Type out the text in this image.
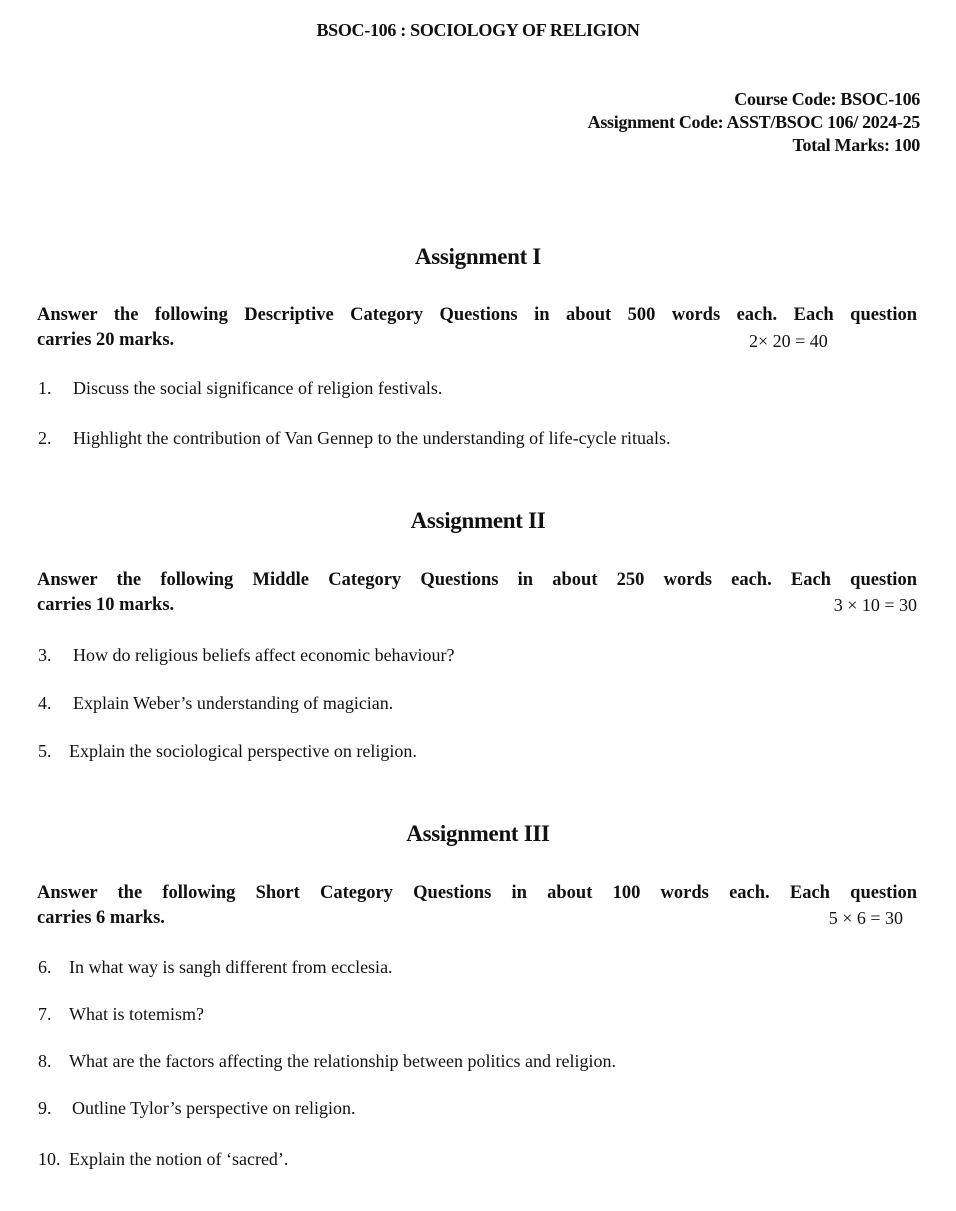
BSOC-106 : SOCIOLOGY OF RELIGION
Course Code: BSOC-106
Assignment Code: ASST/BSOC 106/ 2024-25
Total Marks: 100
Assignment I
Answer the following Descriptive Category Questions in about 500 words each. Each question
carries 20 marks.	2× 20 = 40
1. Discuss the social significance of religion festivals.
2. Highlight the contribution of Van Gennep to the understanding of life-cycle rituals.
Assignment II
Answer the following Middle Category Questions in about 250 words each. Each question
carries 10 marks.	3 × 10 = 30
3. How do religious beliefs affect economic behaviour?
4. Explain Weber’s understanding of magician.
5. Explain the sociological perspective on religion.
Assignment III
Answer the following Short Category Questions in about 100 words each. Each question
carries 6 marks.	5 × 6 = 30
6. In what way is sangh different from ecclesia.
7. What is totemism?
8. What are the factors affecting the relationship between politics and religion.
9. Outline Tylor’s perspective on religion.
10. Explain the notion of ‘sacred’.
